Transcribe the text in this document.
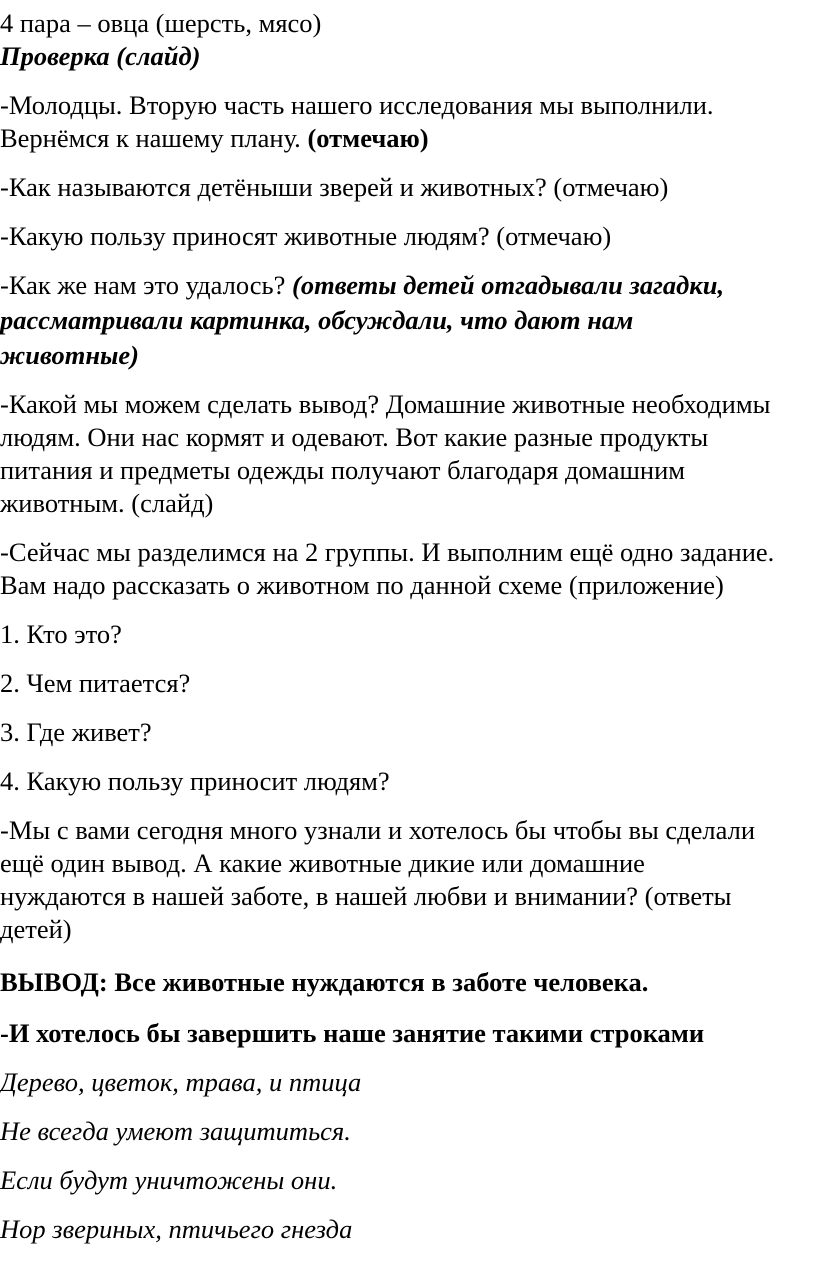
4 пара – овца (шерсть, мясо)

Проверка (слайд)

-Молодцы. Вторую часть нашего исследования мы выполнили.

Вернёмся к нашему плану. (отмечаю)

-Как называются детёныши зверей и животных? (отмечаю)

-Какую пользу приносят животные людям? (отмечаю)

-Как же нам это удалось? (ответы детей отгадывали загадки,

рассматривали картинка, обсуждали, что дают нам

животные)

-Какой мы можем сделать вывод? Домашние животные необходимы

людям. Они нас кормят и одевают. Вот какие разные продукты

питания и предметы одежды получают благодаря домашним

животным. (слайд)

-Сейчас мы разделимся на 2 группы. И выполним ещё одно задание.

Вам надо рассказать о животном по данной схеме (приложение)

1. Кто это?

2. Чем питается?

3. Где живет?

4. Какую пользу приносит людям?

-Мы с вами сегодня много узнали и хотелось бы чтобы вы сделали

ещё один вывод. А какие животные дикие или домашние

нуждаются в нашей заботе, в нашей любви и внимании? (ответы

детей)

ВЫВОД: Все животные нуждаются в заботе человека.

-И хотелось бы завершить наше занятие такими строками

Дерево, цветок, трава, и птица

Не всегда умеют защититься.

Если будут уничтожены они.

Нор звериных, птичьего гнезда
